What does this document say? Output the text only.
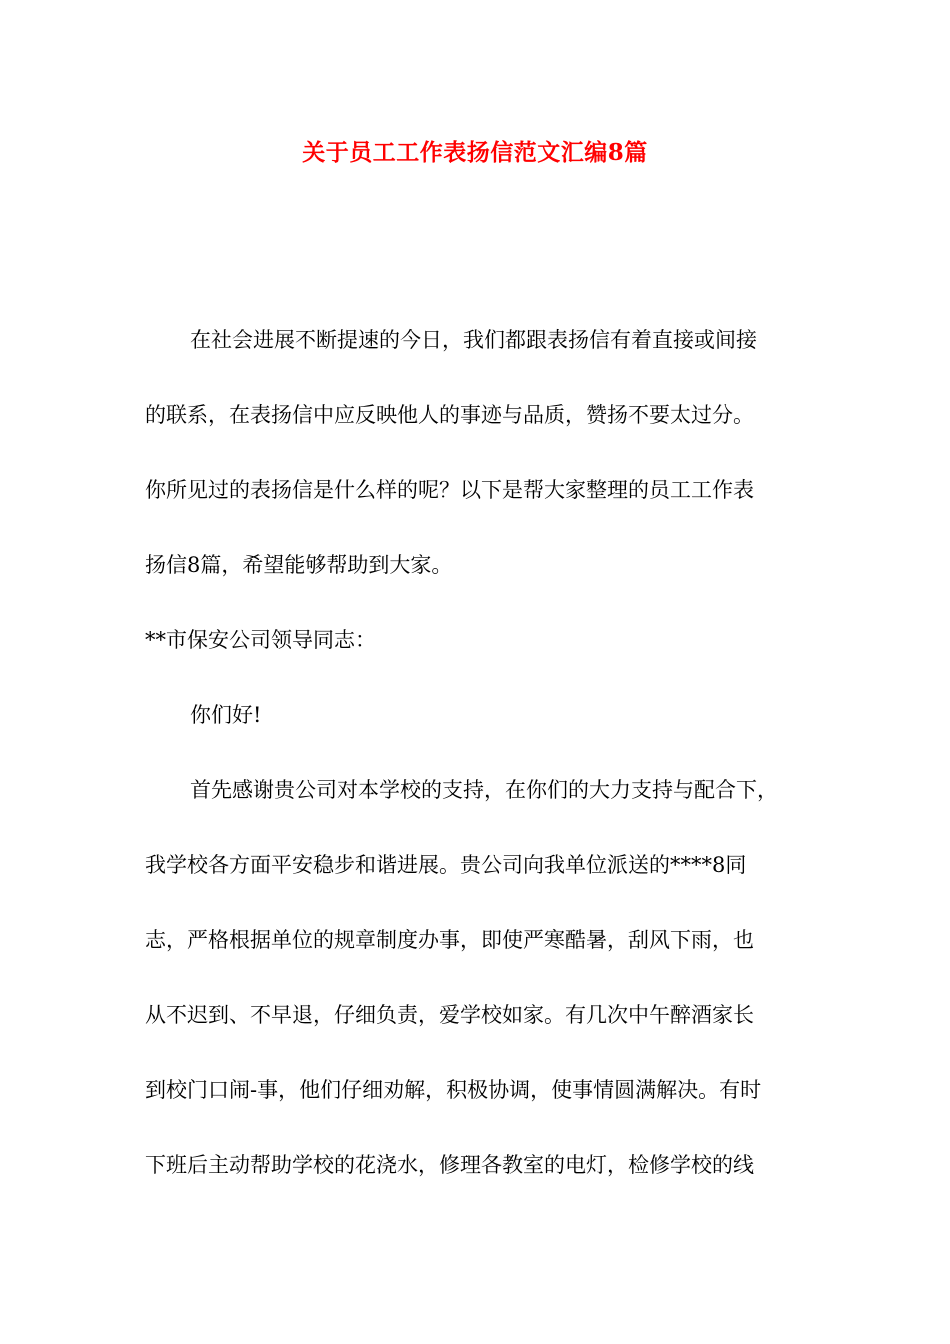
关于员工工作表扬信范文汇编8篇

在社会进展不断提速的今日，我们都跟表扬信有着直接或间接

的联系，在表扬信中应反映他人的事迹与品质，赞扬不要太过分。

你所见过的表扬信是什么样的呢？以下是帮大家整理的员工工作表

扬信8篇，希望能够帮助到大家。

**市保安公司领导同志：

你们好!

首先感谢贵公司对本学校的支持，在你们的大力支持与配合下，

我学校各方面平安稳步和谐进展。贵公司向我单位派送的****8同

志，严格根据单位的规章制度办事，即使严寒酷暑，刮风下雨，也

从不迟到、不早退，仔细负责，爱学校如家。有几次中午醉酒家长

到校门口闹-事，他们仔细劝解，积极协调，使事情圆满解决。有时

下班后主动帮助学校的花浇水，修理各教室的电灯，检修学校的线
